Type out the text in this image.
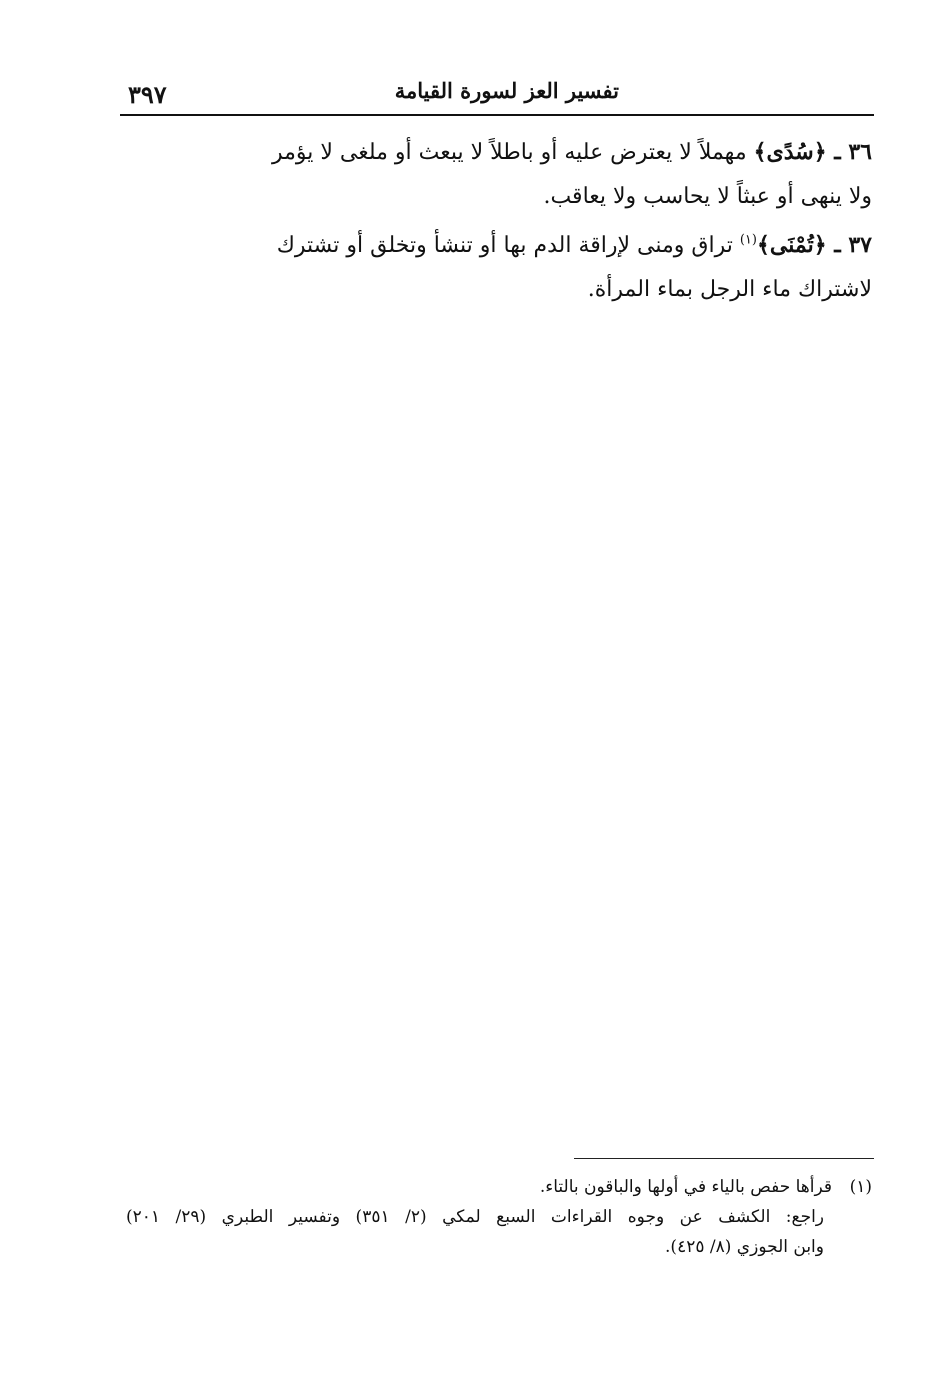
تفسير العز لسورة القيامة
٣٩٧

٣٦ ـ ﴿سُدًى﴾ مهملاً لا يعترض عليه أو باطلاً لا يبعث أو ملغى لا يؤمر
ولا ينهى أو عبثاً لا يحاسب ولا يعاقب.

٣٧ ـ ﴿تُمْنَى﴾$^{(١)}$ تراق ومنى لإراقة الدم بها أو تنشأ وتخلق أو تشترك
لاشتراك ماء الرجل بماء المرأة.

(١)قرأها حفص بالياء في أولها والباقون بالتاء.
راجع: الكشف عن وجوه القراءات السبع لمكي (٢/ ٣٥١) وتفسير الطبري (٢٩/ ٢٠١)
وابن الجوزي (٨/ ٤٢٥).
